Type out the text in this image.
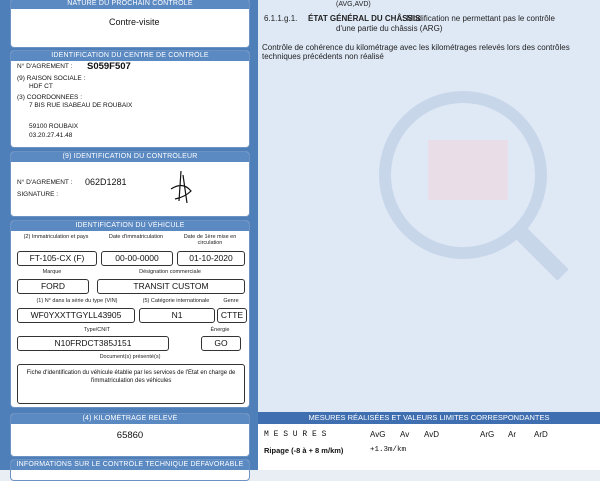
NATURE DU PROCHAIN CONTRÔLE
Contre-visite
IDENTIFICATION DU CENTRE DE CONTRÔLE
N° D'AGREMENT : S059F507
(9) RAISON SOCIALE :
HDF CT
(3) COORDONNEES :
7 BIS RUE ISABEAU DE ROUBAIX
59100 ROUBAIX
03.20.27.41.48
(9) IDENTIFICATION DU CONTRÔLEUR
N° D'AGREMENT : 062D1281
SIGNATURE :
IDENTIFICATION DU VÉHICULE
(2) Immatriculation et pays	Date d'immatriculation	Date de 1ère mise en circulation
FT-105-CX (F)	00-00-0000	01-10-2020
Marque	Désignation commerciale
FORD	TRANSIT CUSTOM
(1) N° dans la série du type (VIN)	(5) Catégorie internationale	Genre
WF0YXXTTGYLL43905	N1	CTTE
Type/CNIT	Énergie
N10FRDCT385J151	GO
Document(s) présenté(s)
Fiche d'identification du véhicule établie par les services de l'Etat en charge de l'immatriculation des véhicules
(4) KILOMÉTRAGE RELEVÉ
65860
INFORMATIONS SUR LE CONTRÔLE TECHNIQUE DÉFAVORABLE
(AVG,AVD)
6.1.1.g.1. ÉTAT GÉNÉRAL DU CHÂSSIS
: Modification ne permettant pas le contrôle
d'une partie du châssis (ARG)
Contrôle de cohérence du kilométrage avec les kilométrages relevés lors des contrôles
techniques précédents non réalisé
MESURES RÉALISÉES ET VALEURS LIMITES CORRESPONDANTES
M E S U R E S	AvG Av AvD	ArG Ar ArD
Ripage (-8 à + 8 m/km)	+1.3m/km
